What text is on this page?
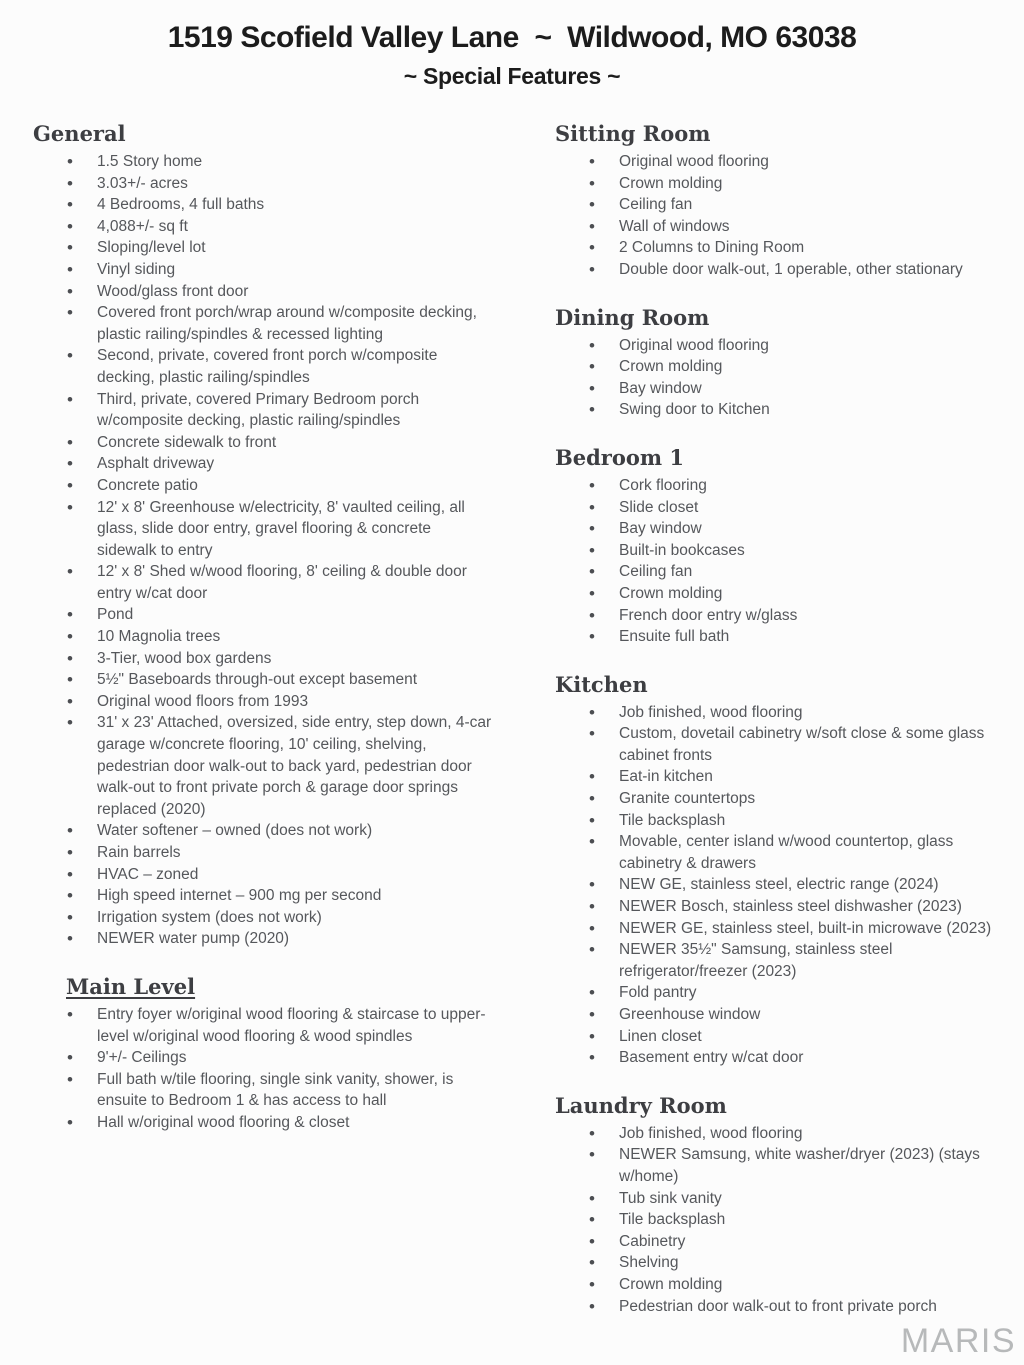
1519 Scofield Valley Lane  ~  Wildwood, MO 63038
~ Special Features ~
General
• 1.5 Story home
• 3.03+/- acres
• 4 Bedrooms, 4 full baths
• 4,088+/- sq ft
• Sloping/level lot
• Vinyl siding
• Wood/glass front door
• Covered front porch/wrap around w/composite decking, plastic railing/spindles & recessed lighting
• Second, private, covered front porch w/composite decking, plastic railing/spindles
• Third, private, covered Primary Bedroom porch w/composite decking, plastic railing/spindles
• Concrete sidewalk to front
• Asphalt driveway
• Concrete patio
• 12' x 8' Greenhouse w/electricity, 8' vaulted ceiling, all glass, slide door entry, gravel flooring & concrete sidewalk to entry
• 12' x 8' Shed w/wood flooring, 8' ceiling & double door entry w/cat door
• Pond
• 10 Magnolia trees
• 3-Tier, wood box gardens
• 5½" Baseboards through-out except basement
• Original wood floors from 1993
• 31' x 23' Attached, oversized, side entry, step down, 4-car garage w/concrete flooring, 10' ceiling, shelving, pedestrian door walk-out to back yard, pedestrian door walk-out to front private porch & garage door springs replaced (2020)
• Water softener – owned (does not work)
• Rain barrels
• HVAC – zoned
• High speed internet – 900 mg per second
• Irrigation system (does not work)
• NEWER water pump (2020)
Main Level
• Entry foyer w/original wood flooring & staircase to upper-level w/original wood flooring & wood spindles
• 9'+/- Ceilings
• Full bath w/tile flooring, single sink vanity, shower, is ensuite to Bedroom 1 & has access to hall
• Hall w/original wood flooring & closet
Sitting Room
• Original wood flooring
• Crown molding
• Ceiling fan
• Wall of windows
• 2 Columns to Dining Room
• Double door walk-out, 1 operable, other stationary
Dining Room
• Original wood flooring
• Crown molding
• Bay window
• Swing door to Kitchen
Bedroom 1
• Cork flooring
• Slide closet
• Bay window
• Built-in bookcases
• Ceiling fan
• Crown molding
• French door entry w/glass
• Ensuite full bath
Kitchen
• Job finished, wood flooring
• Custom, dovetail cabinetry w/soft close & some glass cabinet fronts
• Eat-in kitchen
• Granite countertops
• Tile backsplash
• Movable, center island w/wood countertop, glass cabinetry & drawers
• NEW GE, stainless steel, electric range (2024)
• NEWER Bosch, stainless steel dishwasher (2023)
• NEWER GE, stainless steel, built-in microwave (2023)
• NEWER 35½" Samsung, stainless steel refrigerator/freezer (2023)
• Fold pantry
• Greenhouse window
• Linen closet
• Basement entry w/cat door
Laundry Room
• Job finished, wood flooring
• NEWER Samsung, white washer/dryer (2023) (stays w/home)
• Tub sink vanity
• Tile backsplash
• Cabinetry
• Shelving
• Crown molding
• Pedestrian door walk-out to front private porch
MARIS
